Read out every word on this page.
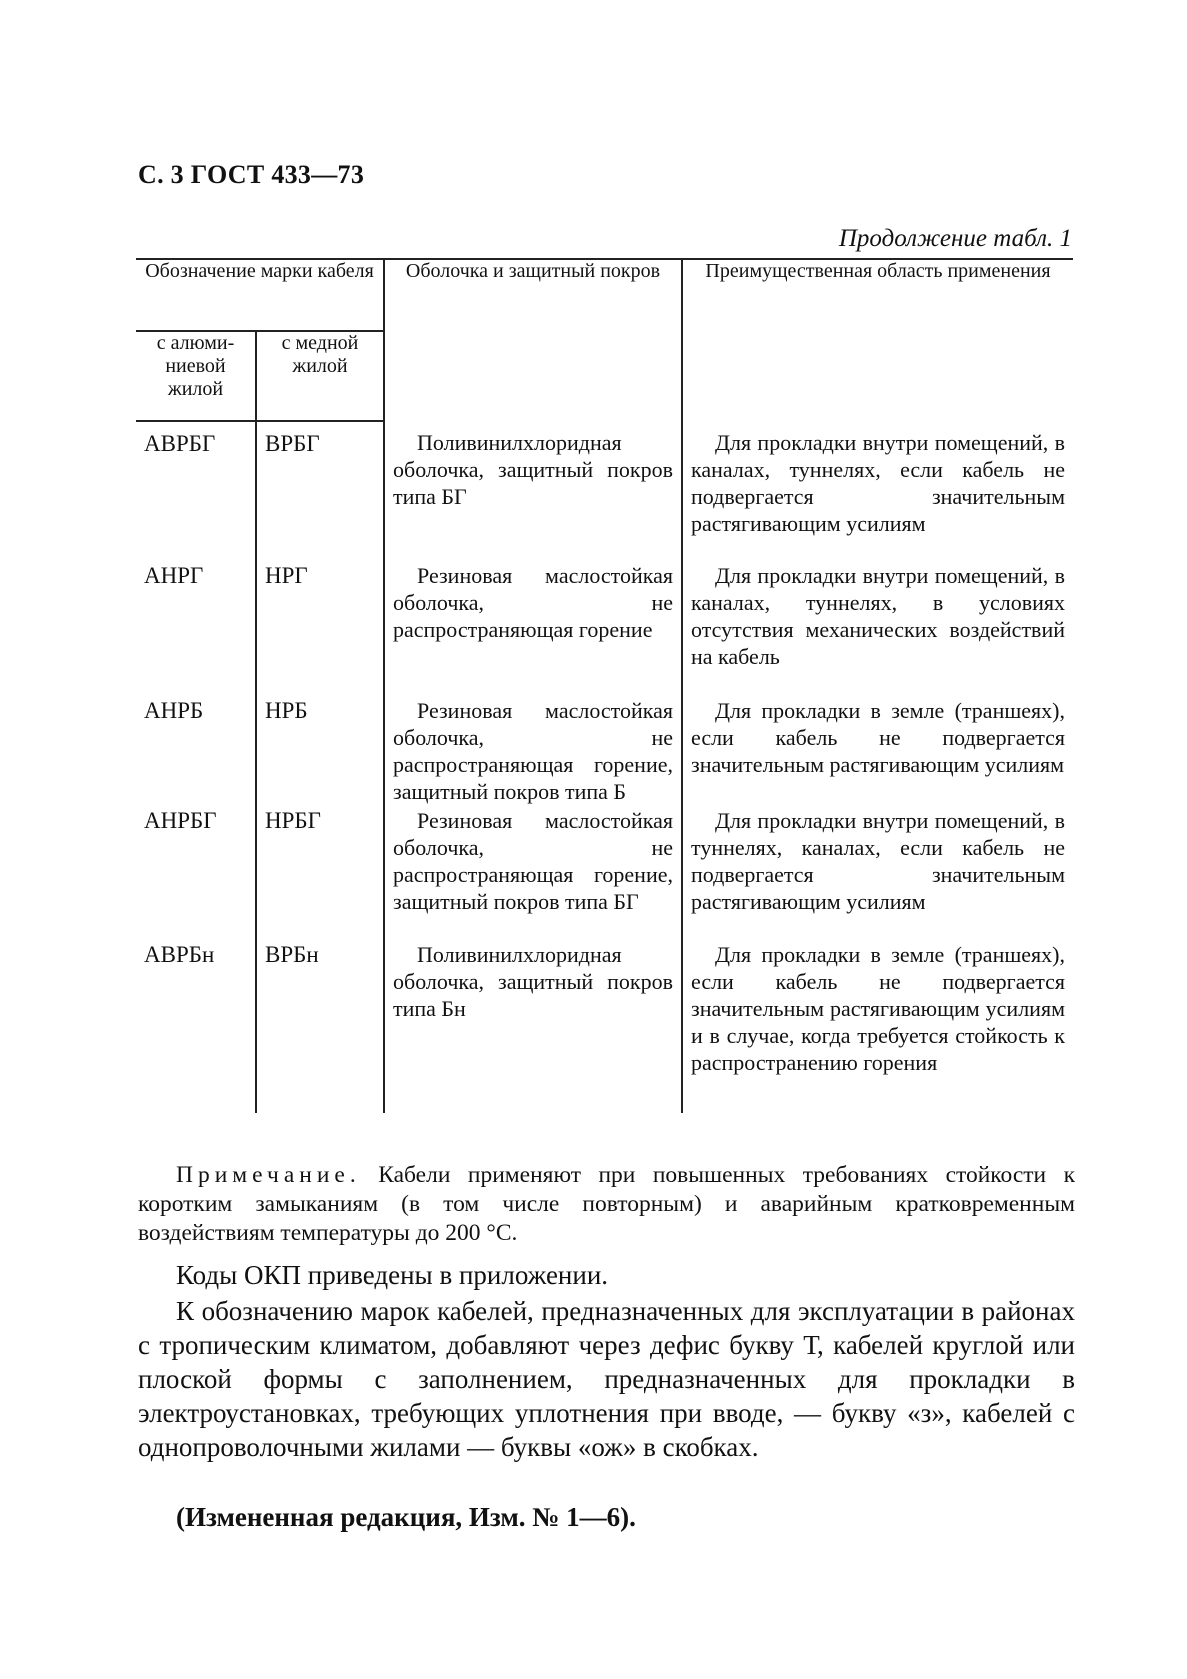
С. 3 ГОСТ 433—73
Продолжение табл. 1
Обозначение марки кабеля		Оболочка и защитный покров	Преимущественная область применения
с алюми-ниевой жилой	с медной жилой		
АВРБГ	ВРБГ	Поливинилхлоридная оболочка, защитный покров типа БГ	Для прокладки внутри помещений, в каналах, туннелях, если кабель не подвергается значительным растягивающим усилиям
АНРГ	НРГ	Резиновая маслостойкая оболочка, не распространяющая горение	Для прокладки внутри помещений, в каналах, туннелях, в условиях отсутствия механических воздействий на кабель
АНРБ	НРБ	Резиновая маслостойкая оболочка, не распространяющая горение, защитный покров типа Б	Для прокладки в земле (траншеях), если кабель не подвергается значительным растягивающим усилиям
АНРБГ	НРБГ	Резиновая маслостойкая оболочка, не распространяющая горение, защитный покров типа БГ	Для прокладки внутри помещений, в туннелях, каналах, если кабель не подвергается значительным растягивающим усилиям
АВРБн	ВРБн	Поливинилхлоридная оболочка, защитный покров типа Бн	Для прокладки в земле (траншеях), если кабель не подвергается значительным растягивающим усилиям и в случае, когда требуется стойкость к распространению горения
Примечание. Кабели применяют при повышенных требованиях стойкости к коротким замыканиям (в том числе повторным) и аварийным кратковременным воздействиям температуры до 200 °С.
Коды ОКП приведены в приложении.
К обозначению марок кабелей, предназначенных для эксплуатации в районах с тропическим климатом, добавляют через дефис букву Т, кабелей круглой или плоской формы с заполнением, предназначенных для прокладки в электроустановках, требующих уплотнения при вводе, — букву «з», кабелей с однопроволочными жилами — буквы «ож» в скобках.
(Измененная редакция, Изм. № 1—6).
